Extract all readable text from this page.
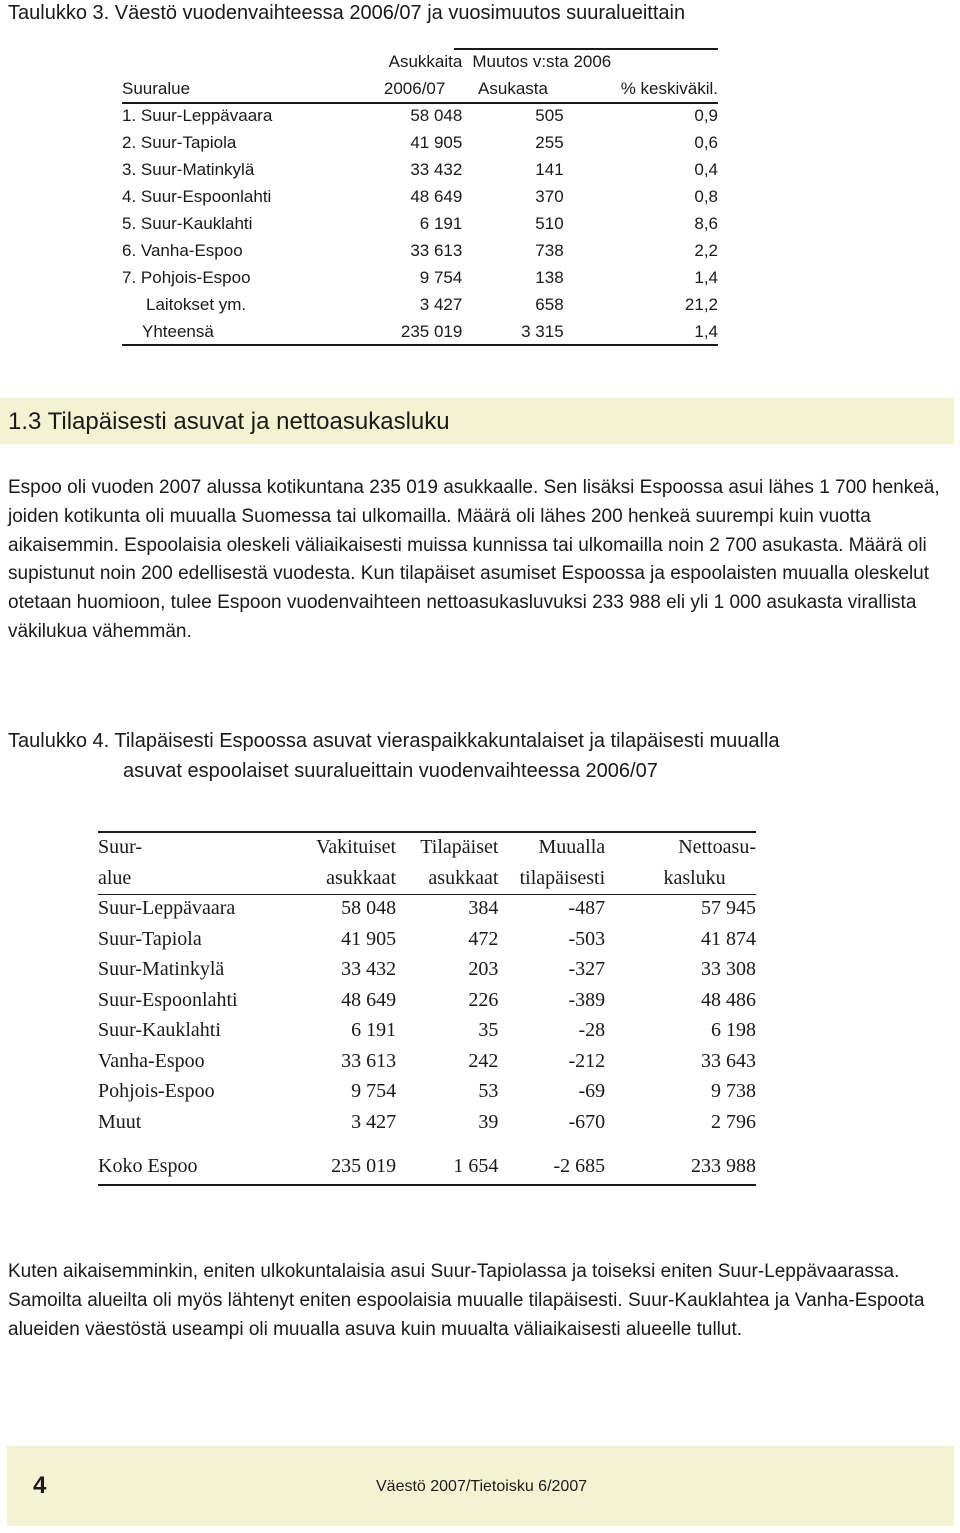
Taulukko 3. Väestö vuodenvaihteessa 2006/07 ja vuosimuutos suuralueittain
	Asukkaita	Muutos v:sta 2006	
Suuralue	2006/07	Asukasta	% keskiväkil.
1. Suur-Leppävaara	58 048	505	0,9
2. Suur-Tapiola	41 905	255	0,6
3. Suur-Matinkylä	33 432	141	0,4
4. Suur-Espoonlahti	48 649	370	0,8
5. Suur-Kauklahti	6 191	510	8,6
6. Vanha-Espoo	33 613	738	2,2
7. Pohjois-Espoo	9 754	138	1,4
Laitokset ym.	3 427	658	21,2
Yhteensä	235 019	3 315	1,4
1.3 Tilapäisesti asuvat ja nettoasukasluku
Espoo oli vuoden 2007 alussa kotikuntana 235 019 asukkaalle. Sen lisäksi Espoossa asui lähes 1 700 henkeä, joiden kotikunta oli muualla Suomessa tai ulkomailla. Määrä oli lähes 200 henkeä suurempi kuin vuotta aikaisemmin. Espoolaisia oleskeli väliaikaisesti muissa kunnissa tai ulkomailla noin 2 700 asukasta. Määrä oli supistunut noin 200 edellisestä vuodesta. Kun tilapäiset asumiset Espoossa ja espoolaisten muualla oleskelut otetaan huomioon, tulee Espoon vuodenvaihteen nettoasukasluvuksi 233 988 eli yli 1 000 asukasta virallista väkilukua vähemmän.
Taulukko 4. Tilapäisesti Espoossa asuvat vieraspaikkakuntalaiset ja tilapäisesti muualla
asuvat espoolaiset suuralueittain vuodenvaihteessa 2006/07
Suur-	Vakituiset	Tilapäiset	Muualla	Nettoasu-
alue	asukkaat	asukkaat	tilapäisesti	kasluku
Suur-Leppävaara	58 048	384	-487	57 945
Suur-Tapiola	41 905	472	-503	41 874
Suur-Matinkylä	33 432	203	-327	33 308
Suur-Espoonlahti	48 649	226	-389	48 486
Suur-Kauklahti	6 191	35	-28	6 198
Vanha-Espoo	33 613	242	-212	33 643
Pohjois-Espoo	9 754	53	-69	9 738
Muut	3 427	39	-670	2 796

Koko Espoo	235 019	1 654	-2 685	233 988
Kuten aikaisemminkin, eniten ulkokuntalaisia asui Suur-Tapiolassa ja toiseksi eniten Suur-Leppävaarassa. Samoilta alueilta oli myös lähtenyt eniten espoolaisia muualle tilapäisesti. Suur-Kauklahtea ja Vanha-Espoota alueiden väestöstä useampi oli muualla asuva kuin muualta väliaikaisesti alueelle tullut.
4	Väestö 2007/Tietoisku 6/2007
